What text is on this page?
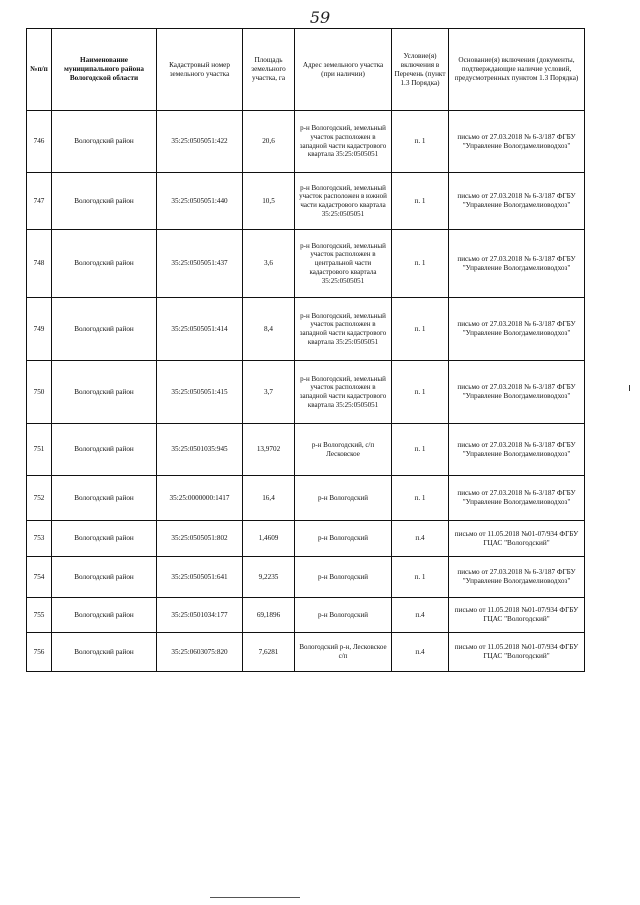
59
№п/п	Наименование муниципального района Вологодской области	Кадастровый номер земельного участка	Площадь земельного участка, га	Адрес земельного участка (при наличии)	Условие(я) включения в Перечень (пункт 1.3 Порядка)	Основание(я) включения (документы, подтверждающие наличие условий, предусмотренных пунктом 1.3 Порядка)
746	Вологодский район	35:25:0505051:422	20,6	р-н Вологодский, земельный участок расположен в западной части кадастрового квартала 35:25:0505051	п. 1	письмо от 27.03.2018 № 6-3/187 ФГБУ "Управление Вологдамелиоводхоз"
747	Вологодский район	35:25:0505051:440	10,5	р-н Вологодский, земельный участок расположен в южной части кадастрового квартала 35:25:0505051	п. 1	письмо от 27.03.2018 № 6-3/187 ФГБУ "Управление Вологдамелиоводхоз"
748	Вологодский район	35:25:0505051:437	3,6	р-н Вологодский, земельный участок расположен в центральной части кадастрового квартала 35:25:0505051	п. 1	письмо от 27.03.2018 № 6-3/187 ФГБУ "Управление Вологдамелиоводхоз"
749	Вологодский район	35:25:0505051:414	8,4	р-н Вологодский, земельный участок расположен в западной части кадастрового квартала 35:25:0505051	п. 1	письмо от 27.03.2018 № 6-3/187 ФГБУ "Управление Вологдамелиоводхоз"
750	Вологодский район	35:25:0505051:415	3,7	р-н Вологодский, земельный участок расположен в западной части кадастрового квартала 35:25:0505051	п. 1	письмо от 27.03.2018 № 6-3/187 ФГБУ "Управление Вологдамелиоводхоз"
751	Вологодский район	35:25:0501035:945	13,9702	р-н Вологодский, с/п Лесковское	п. 1	письмо от 27.03.2018 № 6-3/187 ФГБУ "Управление Вологдамелиоводхоз"
752	Вологодский район	35:25:0000000:1417	16,4	р-н Вологодский	п. 1	письмо от 27.03.2018 № 6-3/187 ФГБУ "Управление Вологдамелиоводхоз"
753	Вологодский район	35:25:0505051:802	1,4609	р-н Вологодский	п.4	письмо от 11.05.2018 №01-07/934 ФГБУ ГЦАС "Вологодский"
754	Вологодский район	35:25:0505051:641	9,2235	р-н Вологодский	п. 1	письмо от 27.03.2018 № 6-3/187 ФГБУ "Управление Вологдамелиоводхоз"
755	Вологодский район	35:25:0501034:177	69,1896	р-н Вологодский	п.4	письмо от 11.05.2018 №01-07/934 ФГБУ ГЦАС "Вологодский"
756	Вологодский район	35:25:0603075:820	7,6281	Вологодский р-н, Лесковское с/п	п.4	письмо от 11.05.2018 №01-07/934 ФГБУ ГЦАС "Вологодский"
